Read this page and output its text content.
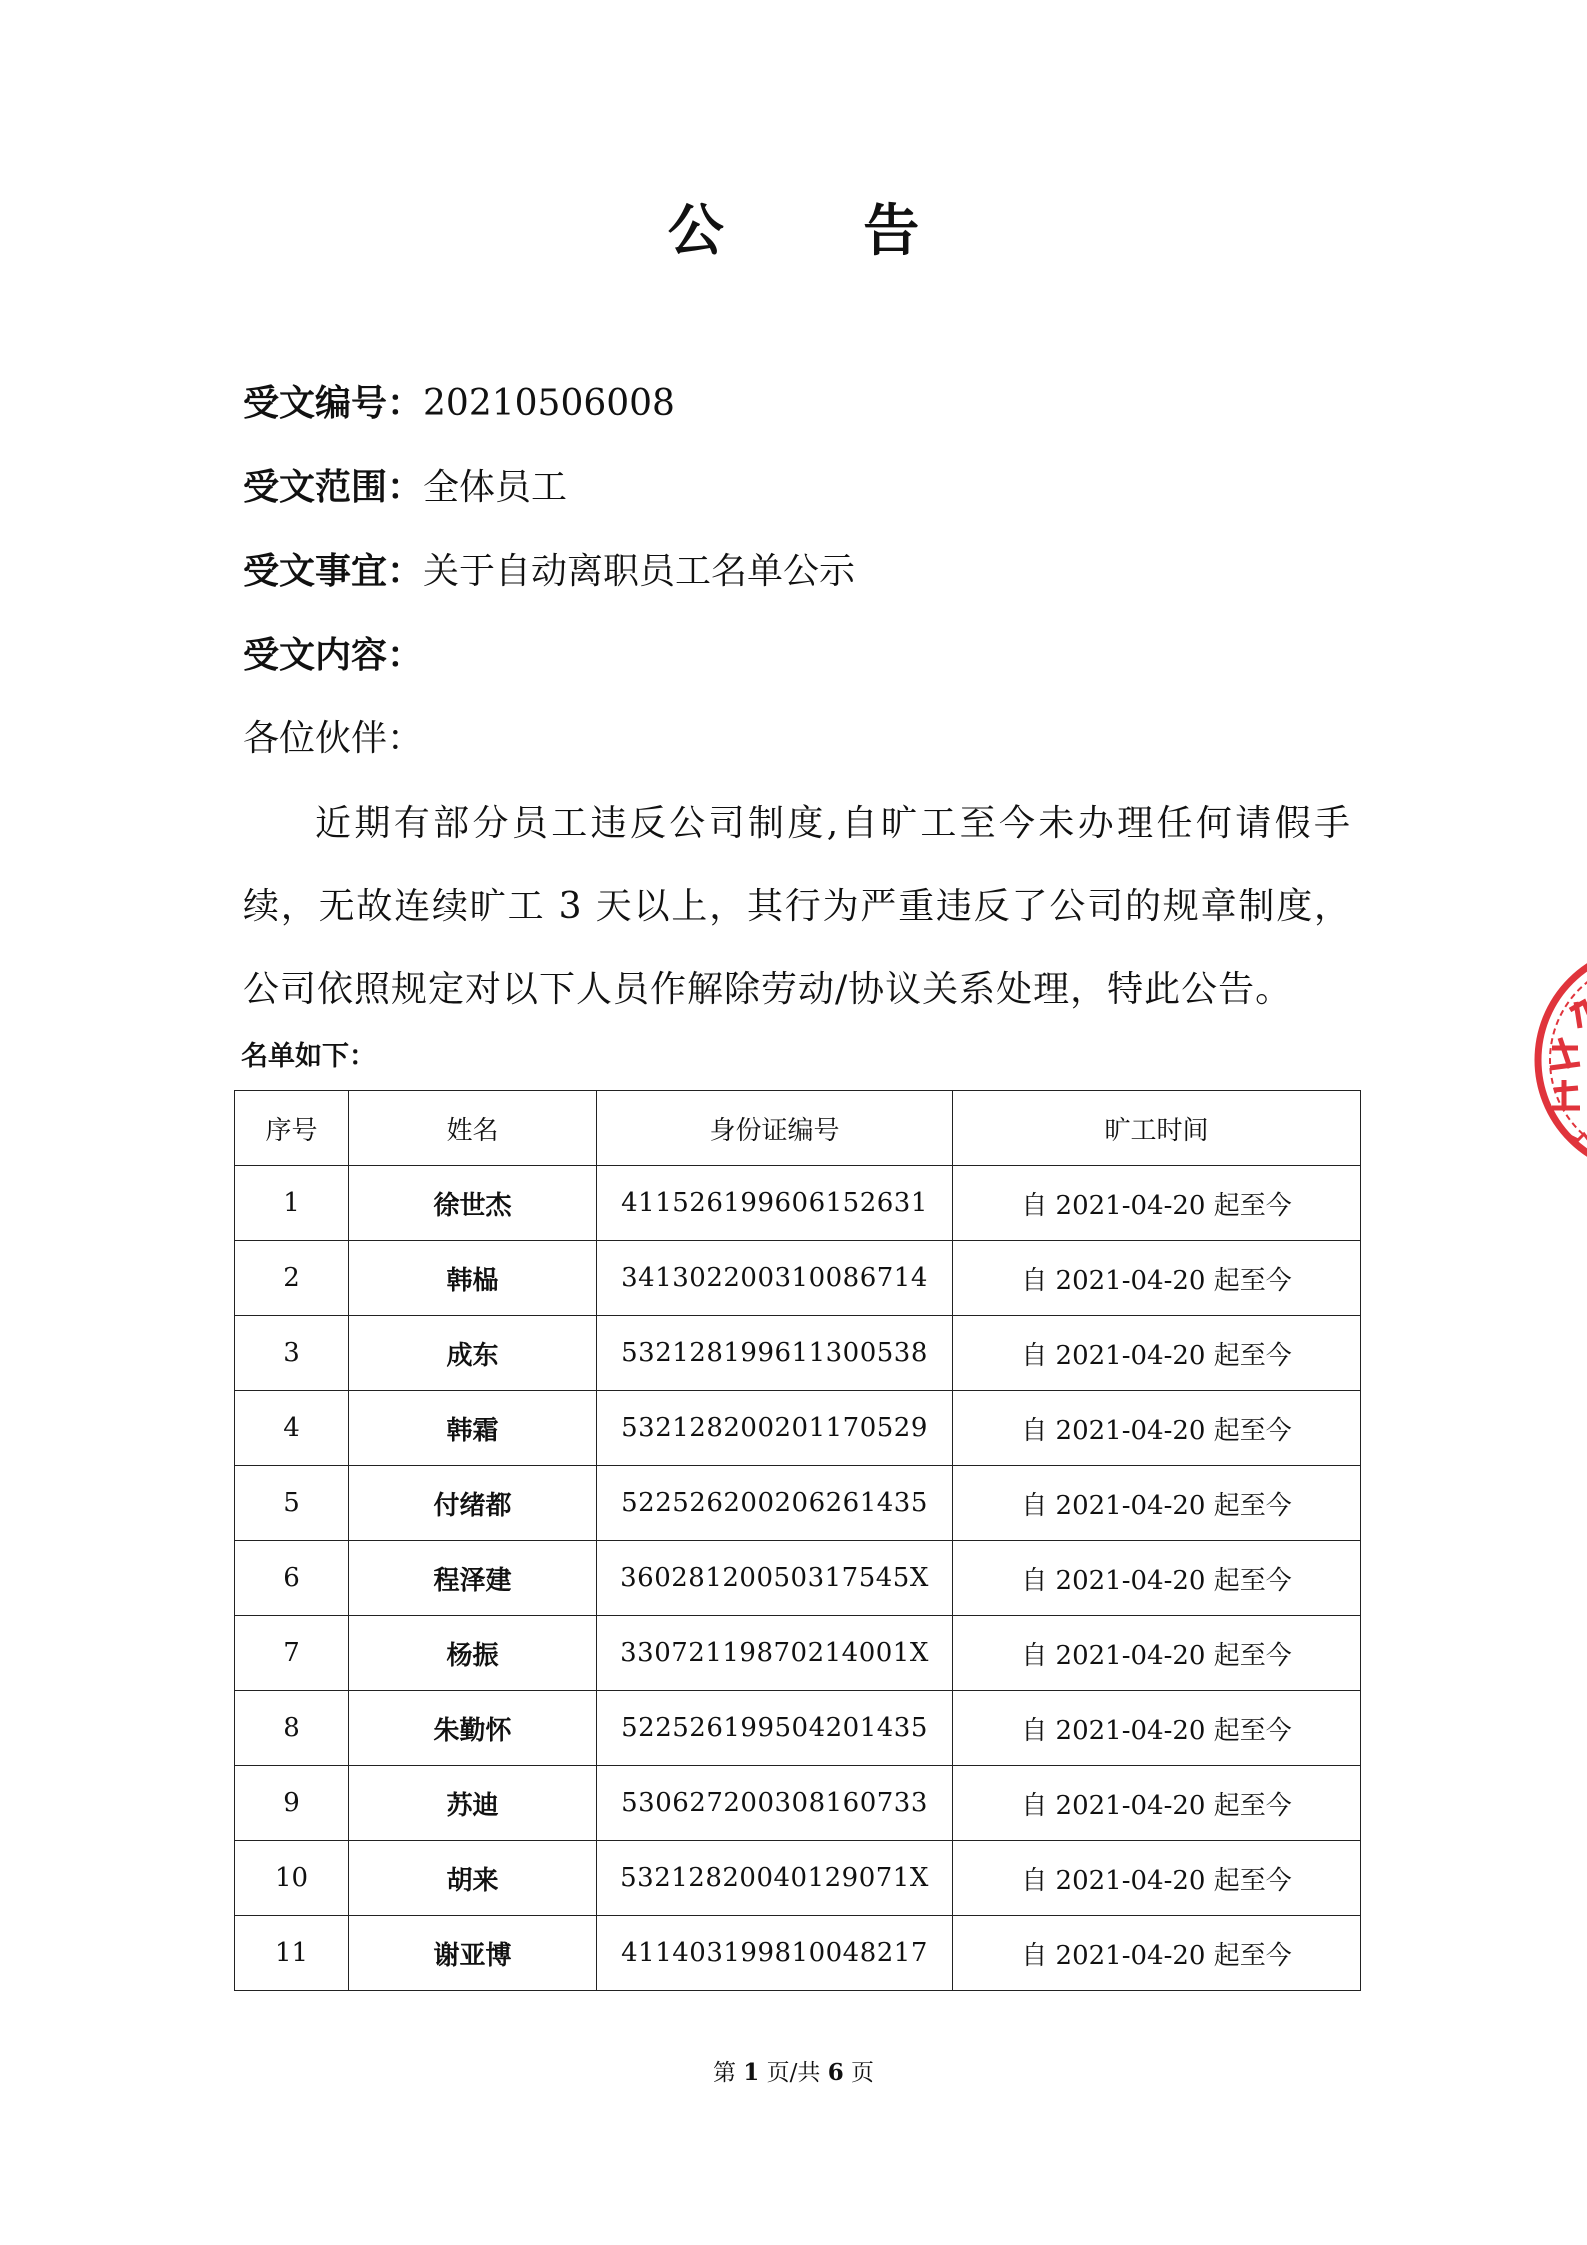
公 告
受文编号：20210506008
受文范围：全体员工
受文事宜：关于自动离职员工名单公示
受文内容：
各位伙伴：
近期有部分员工违反公司制度,自旷工至今未办理任何请假手续，无故连续旷工 3 天以上，其行为严重违反了公司的规章制度，公司依照规定对以下人员作解除劳动/协议关系处理，特此公告。
名单如下：
序号	姓名	身份证编号	旷工时间
1	徐世杰	411526199606152631	自 2021-04-20 起至今
2	韩榀	341302200310086714	自 2021-04-20 起至今
3	成东	532128199611300538	自 2021-04-20 起至今
4	韩霜	532128200201170529	自 2021-04-20 起至今
5	付绪都	522526200206261435	自 2021-04-20 起至今
6	程泽建	36028120050317545X	自 2021-04-20 起至今
7	杨振	33072119870214001X	自 2021-04-20 起至今
8	朱勤怀	522526199504201435	自 2021-04-20 起至今
9	苏迪	530627200308160733	自 2021-04-20 起至今
10	胡来	53212820040129071X	自 2021-04-20 起至今
11	谢亚博	411403199810048217	自 2021-04-20 起至今
第 1 页/共 6 页
